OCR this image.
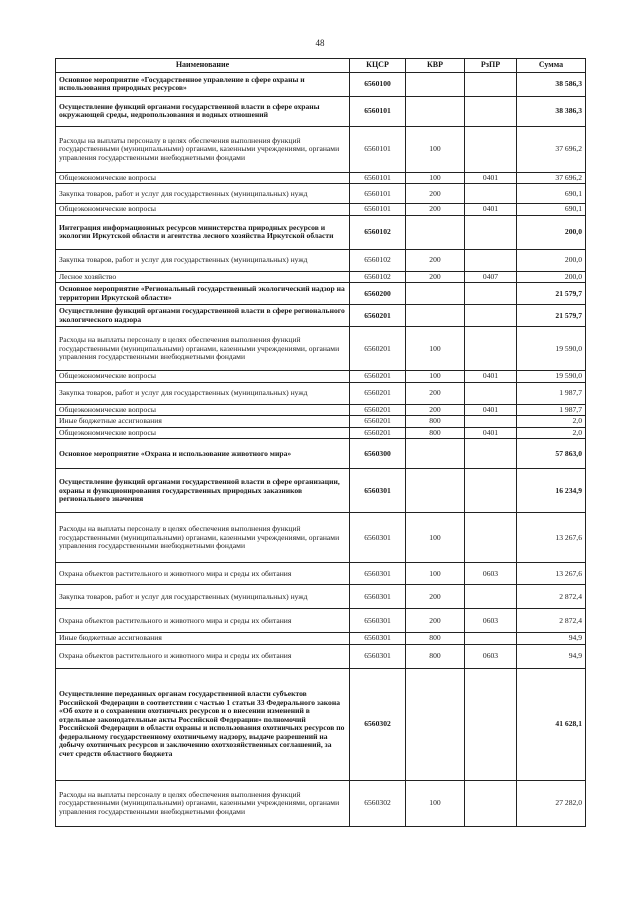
48
Наименование	КЦСР	КВР	РзПР	Сумма
Основное мероприятие «Государственное управление в сфере охраны и использования природных ресурсов»	6560100			38 586,3
Осуществление функций органами государственной власти в сфере охраны окружающей среды, недропользования и водных отношений	6560101			38 386,3
Расходы на выплаты персоналу в целях обеспечения выполнения функций государственными (муниципальными) органами, казенными учреждениями, органами управления государственными внебюджетными фондами	6560101	100		37 696,2
Общеэкономические вопросы	6560101	100	0401	37 696,2
Закупка товаров, работ и услуг для государственных (муниципальных) нужд	6560101	200		690,1
Общеэкономические вопросы	6560101	200	0401	690,1
Интеграция информационных ресурсов министерства природных ресурсов и экологии Иркутской области и агентства лесного хозяйства Иркутской области	6560102			200,0
Закупка товаров, работ и услуг для государственных (муниципальных) нужд	6560102	200		200,0
Лесное хозяйство	6560102	200	0407	200,0
Основное мероприятие «Региональный государственный экологический надзор на территории Иркутской области»	6560200			21 579,7
Осуществление функций органами государственной власти в сфере регионального экологического надзора	6560201			21 579,7
Расходы на выплаты персоналу в целях обеспечения выполнения функций государственными (муниципальными) органами, казенными учреждениями, органами управления государственными внебюджетными фондами	6560201	100		19 590,0
Общеэкономические вопросы	6560201	100	0401	19 590,0
Закупка товаров, работ и услуг для государственных (муниципальных) нужд	6560201	200		1 987,7
Общеэкономические вопросы	6560201	200	0401	1 987,7
Иные бюджетные ассигнования	6560201	800		2,0
Общеэкономические вопросы	6560201	800	0401	2,0
Основное мероприятие «Охрана и использование животного мира»	6560300			57 863,0
Осуществление функций органами государственной власти в сфере организации, охраны и функционирования государственных природных заказников регионального значения	6560301			16 234,9
Расходы на выплаты персоналу в целях обеспечения выполнения функций государственными (муниципальными) органами, казенными учреждениями, органами управления государственными внебюджетными фондами	6560301	100		13 267,6
Охрана объектов растительного и животного мира и среды их обитания	6560301	100	0603	13 267,6
Закупка товаров, работ и услуг для государственных (муниципальных) нужд	6560301	200		2 872,4
Охрана объектов растительного и животного мира и среды их обитания	6560301	200	0603	2 872,4
Иные бюджетные ассигнования	6560301	800		94,9
Охрана объектов растительного и животного мира и среды их обитания	6560301	800	0603	94,9
Осуществление переданных органам государственной власти субъектов Российской Федерации в соответствии с частью 1 статьи 33 Федерального закона «Об охоте и о сохранении охотничьих ресурсов и о внесении изменений в отдельные законодательные акты Российской Федерации» полномочий Российской Федерации в области охраны и использования охотничьих ресурсов по федеральному государственному охотничьему надзору, выдаче разрешений на добычу охотничьих ресурсов и заключению охотхозяйственных соглашений, за счет средств областного бюджета	6560302			41 628,1
Расходы на выплаты персоналу в целях обеспечения выполнения функций государственными (муниципальными) органами, казенными учреждениями, органами управления государственными внебюджетными фондами	6560302	100		27 282,0
